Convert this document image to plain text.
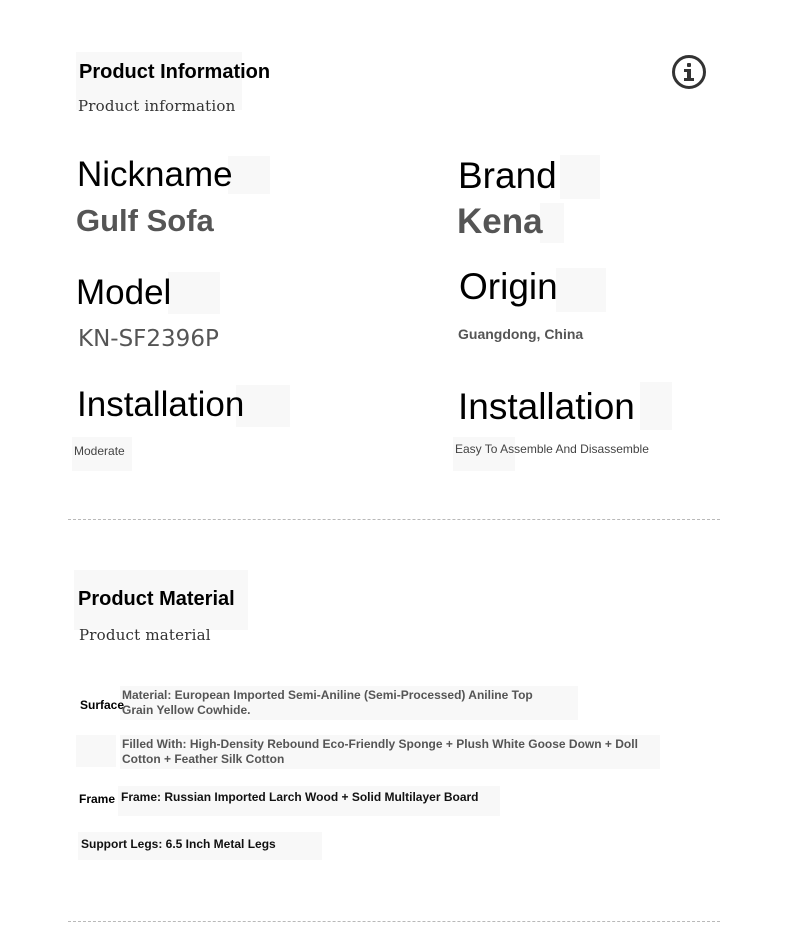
Product Information
Product information
Nickname
Gulf Sofa
Brand
Kena
Model
KN-SF2396P
Origin
Guangdong, China
Installation
Moderate
Installation
Easy To Assemble And Disassemble
Product Material
Product material
Surface
Material: European Imported Semi-Aniline (Semi-Processed) Aniline Top Grain Yellow Cowhide.
Filled With: High-Density Rebound Eco-Friendly Sponge + Plush White Goose Down + Doll Cotton + Feather Silk Cotton
Frame Frame: Russian Imported Larch Wood + Solid Multilayer Board
Support Legs: 6.5 Inch Metal Legs
